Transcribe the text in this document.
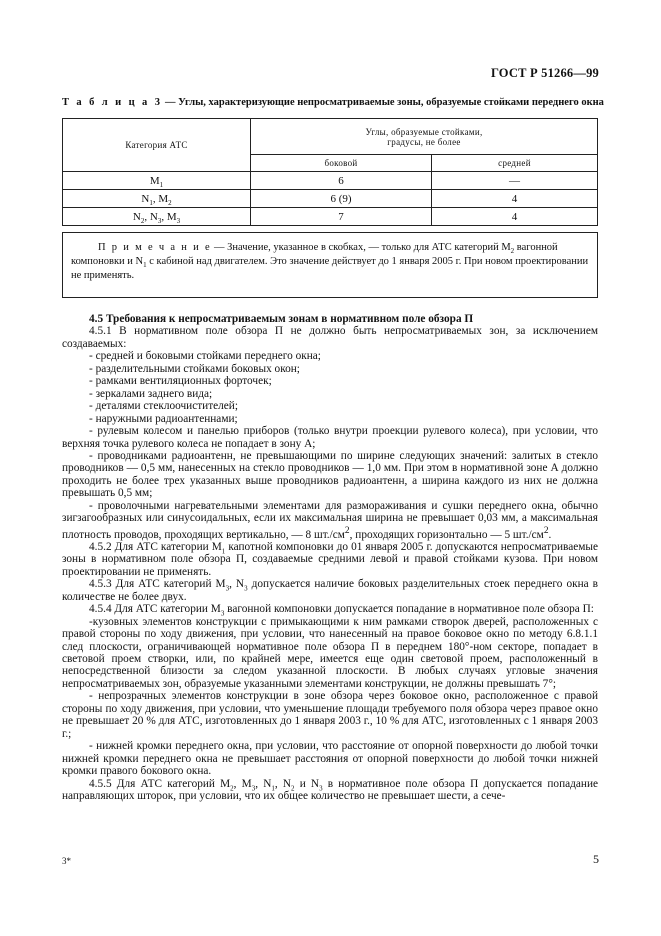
ГОСТ Р 51266—99
Т а б л и ц а 3 — Углы, характеризующие непросматриваемые зоны, образуемые стойками переднего окна
Категория АТС	Углы, образуемые стойками,
градусы, не более	
	боковой	средней
$M_1$	6	—
$N_1$, $M_2$	6 (9)	4
$N_2$, $N_3$, $M_3$	7	4

П р и м е ч а н и е — Значение, указанное в скобках, — только для АТС категорий $M_2$ вагонной компоновки и $N_1$ с кабиной над двигателем. Это значение действует до 1 января 2005 г. При новом проектировании не применять.		

4.5 Требования к непросматриваемым зонам в нормативном поле обзора П

4.5.1 В нормативном поле обзора П не должно быть непросматриваемых зон, за исключением создаваемых:

- средней и боковыми стойками переднего окна;

- разделительными стойками боковых окон;

- рамками вентиляционных форточек;

- зеркалами заднего вида;

- деталями стеклоочистителей;

- наружными радиоантеннами;

- рулевым колесом и панелью приборов (только внутри проекции рулевого колеса), при условии, что верхняя точка рулевого колеса не попадает в зону А;

- проводниками радиоантенн, не превышающими по ширине следующих значений: залитых в стекло проводников — 0,5 мм, нанесенных на стекло проводников — 1,0 мм. При этом в нормативной зоне А должно проходить не более трех указанных выше проводников радиоантенн, а ширина каждого из них не должна превышать 0,5 мм;

- проволочными нагревательными элементами для размораживания и сушки переднего окна, обычно зигзагообразных или синусоидальных, если их максимальная ширина не превышает 0,03 мм, а максимальная плотность проводов, проходящих вертикально, — 8 $шт./см^2$, проходящих горизонтально — 5 $шт./см^2$.

4.5.2 Для АТС категории $M_1$ капотной компоновки до 01 января 2005 г. допускаются непросматриваемые зоны в нормативном поле обзора П, создаваемые средними левой и правой стойками кузова. При новом проектировании не применять.

4.5.3 Для АТС категорий $M_3$, $N_3$ допускается наличие боковых разделительных стоек переднего окна в количестве не более двух.

4.5.4 Для АТС категории $M_3$ вагонной компоновки допускается попадание в нормативное поле обзора П:

-кузовных элементов конструкции с примыкающими к ним рамками створок дверей, расположенных с правой стороны по ходу движения, при условии, что нанесенный на правое боковое окно по методу 6.8.1.1 след плоскости, ограничивающей нормативное поле обзора П в переднем 180°-ном секторе, попадает в световой проем створки, или, по крайней мере, имеется еще один световой проем, расположенный в непосредственной близости за следом указанной плоскости. В любых случаях угловые значения непросматриваемых зон, образуемые указанными элементами конструкции, не должны превышать 7°;

- непрозрачных элементов конструкции в зоне обзора через боковое окно, расположенное с правой стороны по ходу движения, при условии, что уменьшение площади требуемого поля обзора через правое окно не превышает 20 % для АТС, изготовленных до 1 января 2003 г., 10 % для АТС, изготовленных с 1 января 2003 г.;

- нижней кромки переднего окна, при условии, что расстояние от опорной поверхности до любой точки нижней кромки переднего окна не превышает расстояния от опорной поверхности до любой точки нижней кромки правого бокового окна.

4.5.5 Для АТС категорий $M_2$, $M_3$, $N_1$, $N_2$ и $N_3$ в нормативное поле обзора П допускается попадание направляющих шторок, при условии, что их общее количество не превышает шести, а сече-

3*	5
